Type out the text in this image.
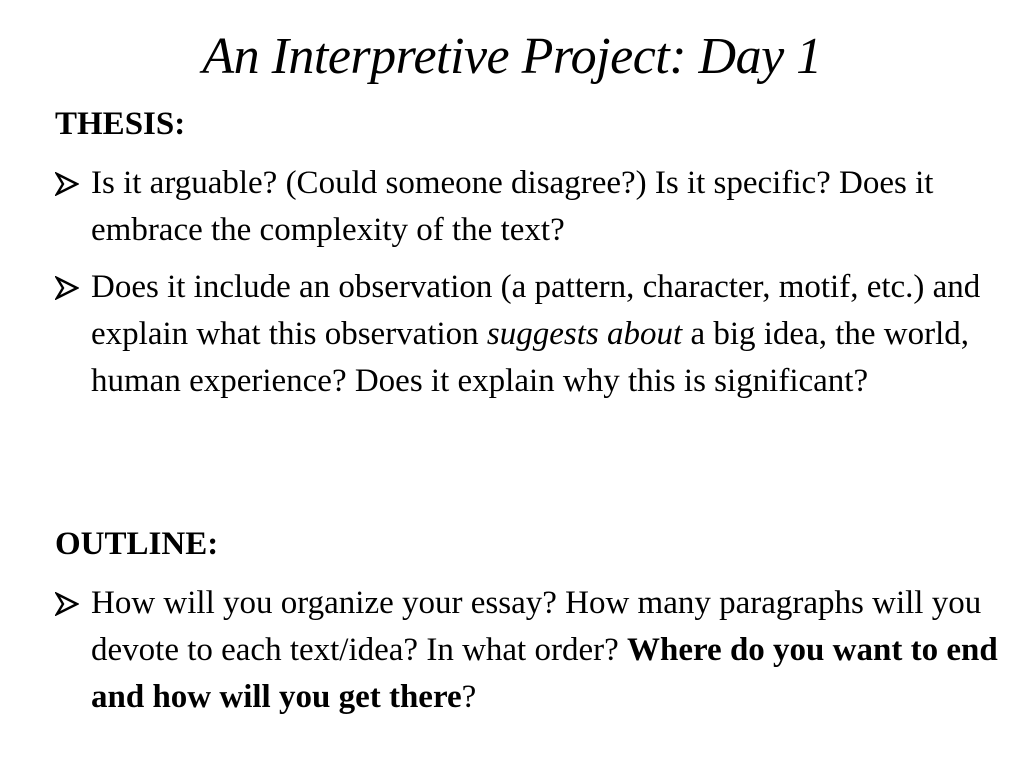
An Interpretive Project: Day 1
THESIS:
Is it arguable? (Could someone disagree?) Is it specific? Does it embrace the complexity of the text?
Does it include an observation (a pattern, character, motif, etc.) and explain what this observation suggests about a big idea, the world, human experience? Does it explain why this is significant?
OUTLINE:
How will you organize your essay? How many paragraphs will you devote to each text/idea? In what order? Where do you want to end and how will you get there?
